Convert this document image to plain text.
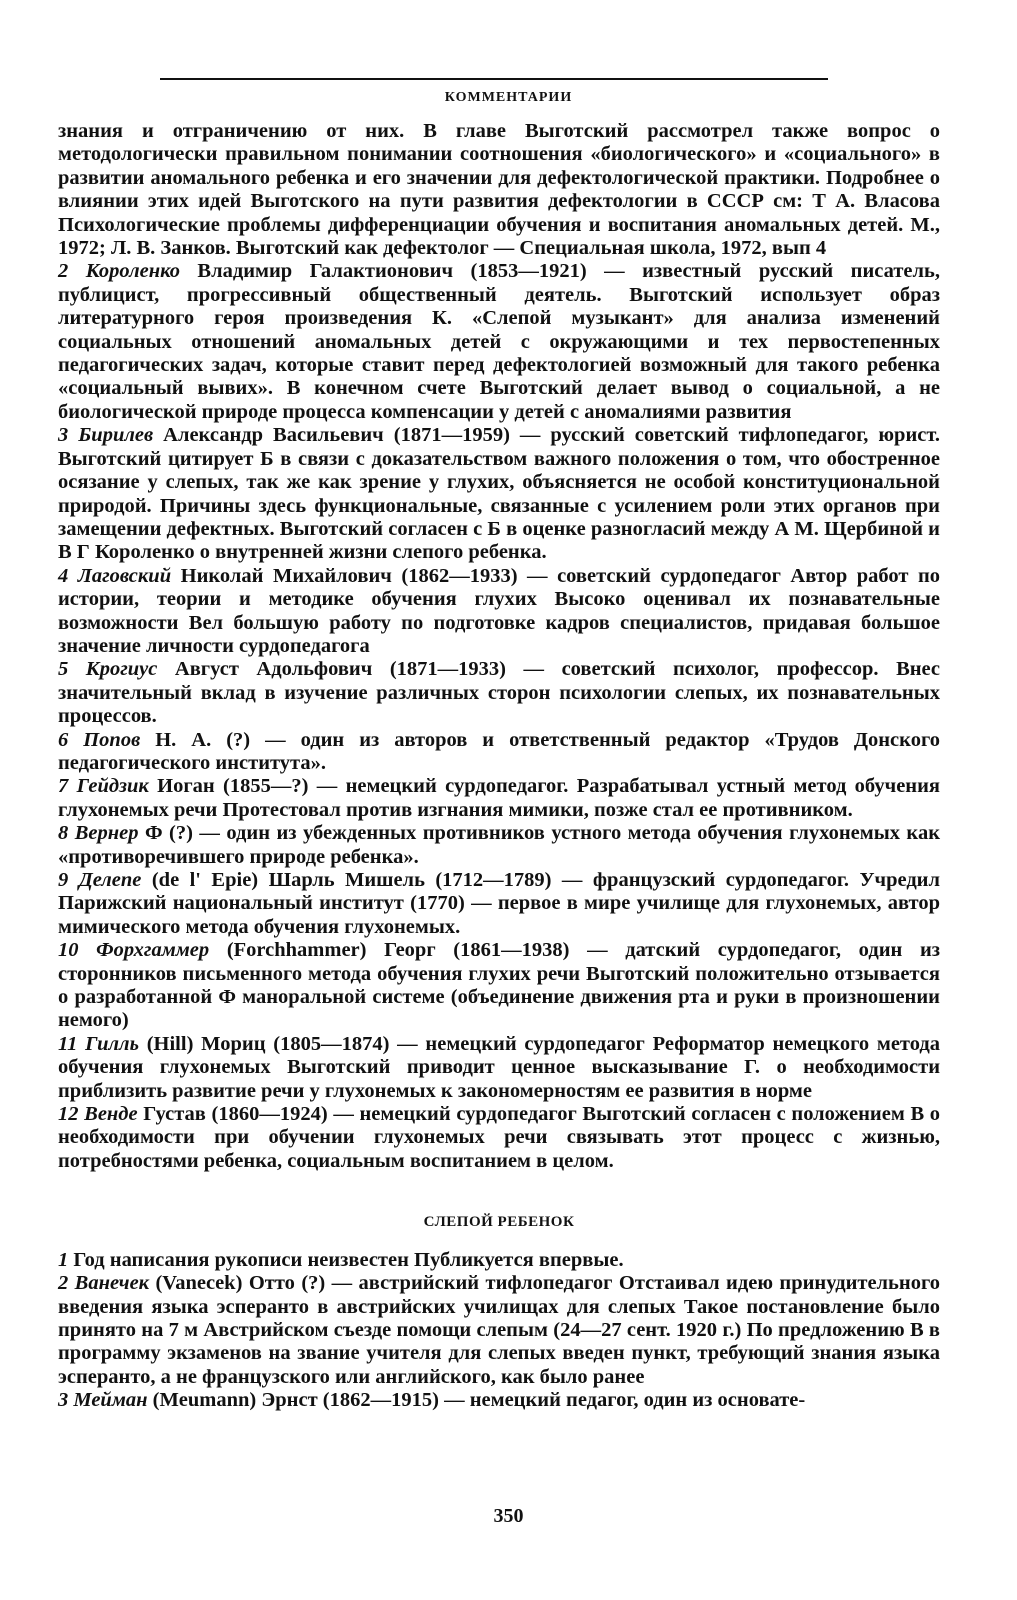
КОММЕНТАРИИ

знания и отграничению от них. В главе Выготский рассмотрел также вопрос о методологически правильном понимании соотношения «биологического» и «социального» в развитии аномального ребенка и его значении для дефектологической практики. Подробнее о влиянии этих идей Выготского на пути развития дефектологии в СССР см: Т А. Власова Психологические проблемы дифференциации обучения и воспитания аномальных детей. М., 1972; Л. В. Занков. Выготский как дефектолог — Специальная школа, 1972, вып 4

2 Короленко Владимир Галактионович (1853—1921) — известный русский писатель, публицист, прогрессивный общественный деятель. Выготский использует образ литературного героя произведения К. «Слепой музыкант» для анализа изменений социальных отношений аномальных детей с окружающими и тех первостепенных педагогических задач, которые ставит перед дефектологией возможный для такого ребенка «социальный вывих». В конечном счете Выготский делает вывод о социальной, а не биологической природе процесса компенсации у детей с аномалиями развития

3 Бирилев Александр Васильевич (1871—1959) — русский советский тифлопедагог, юрист. Выготский цитирует Б в связи с доказательством важного положения о том, что обостренное осязание у слепых, так же как зрение у глухих, объясняется не особой конституциональной природой. Причины здесь функциональные, связанные с усилением роли этих органов при замещении дефектных. Выготский согласен с Б в оценке разногласий между А М. Щербиной и В Г Короленко о внутренней жизни слепого ребенка.

4 Лаговский Николай Михайлович (1862—1933) — советский сурдопедагог Автор работ по истории, теории и методике обучения глухих Высоко оценивал их познавательные возможности Вел большую работу по подготовке кадров специалистов, придавая большое значение личности сурдопедагога

5 Крогиус Август Адольфович (1871—1933) — советский психолог, профессор. Внес значительный вклад в изучение различных сторон психологии слепых, их познавательных процессов.

6 Попов Н. А. (?) — один из авторов и ответственный редактор «Трудов Донского педагогического института».

7 Гейдзик Иоган (1855—?) — немецкий сурдопедагог. Разрабатывал устный метод обучения глухонемых речи Протестовал против изгнания мимики, позже стал ее противником.

8 Вернер Ф (?) — один из убежденных противников устного метода обучения глухонемых как «противоречившего природе ребенка».

9 Делепе (de l' Epie) Шарль Мишель (1712—1789) — французский сурдопедагог. Учредил Парижский национальный институт (1770) — первое в мире училище для глухонемых, автор мимического метода обучения глухонемых.

10 Форхгаммер (Forchhammer) Георг (1861—1938) — датский сурдопедагог, один из сторонников письменного метода обучения глухих речи Выготский положительно отзывается о разработанной Ф манорaльной системе (объединение движения рта и руки в произношении немого)

11 Гилль (Hill) Мориц (1805—1874) — немецкий сурдопедагог Реформатор немецкого метода обучения глухонемых Выготский приводит ценное высказывание Г. о необходимости приблизить развитие речи у глухонемых к закономерностям ее развития в норме

12 Венде Густав (1860—1924) — немецкий сурдопедагог Выготский согласен с положением В о необходимости при обучении глухонемых речи связывать этот процесс с жизнью, потребностями ребенка, социальным воспитанием в целом.

СЛЕПОЙ РЕБЕНОК

1 Год написания рукописи неизвестен Публикуется впервые.

2 Ванечек (Vanecek) Отто (?) — австрийский тифлопедагог Отстаивал идею принудительного введения языка эсперанто в австрийских училищах для слепых Такое постановление было принято на 7 м Австрийском съезде помощи слепым (24—27 сент. 1920 г.) По предложению В в программу экзаменов на звание учителя для слепых введен пункт, требующий знания языка эсперанто, а не французского или английского, как было ранее

3 Мейман (Meumann) Эрнст (1862—1915) — немецкий педагог, один из основате-

350
